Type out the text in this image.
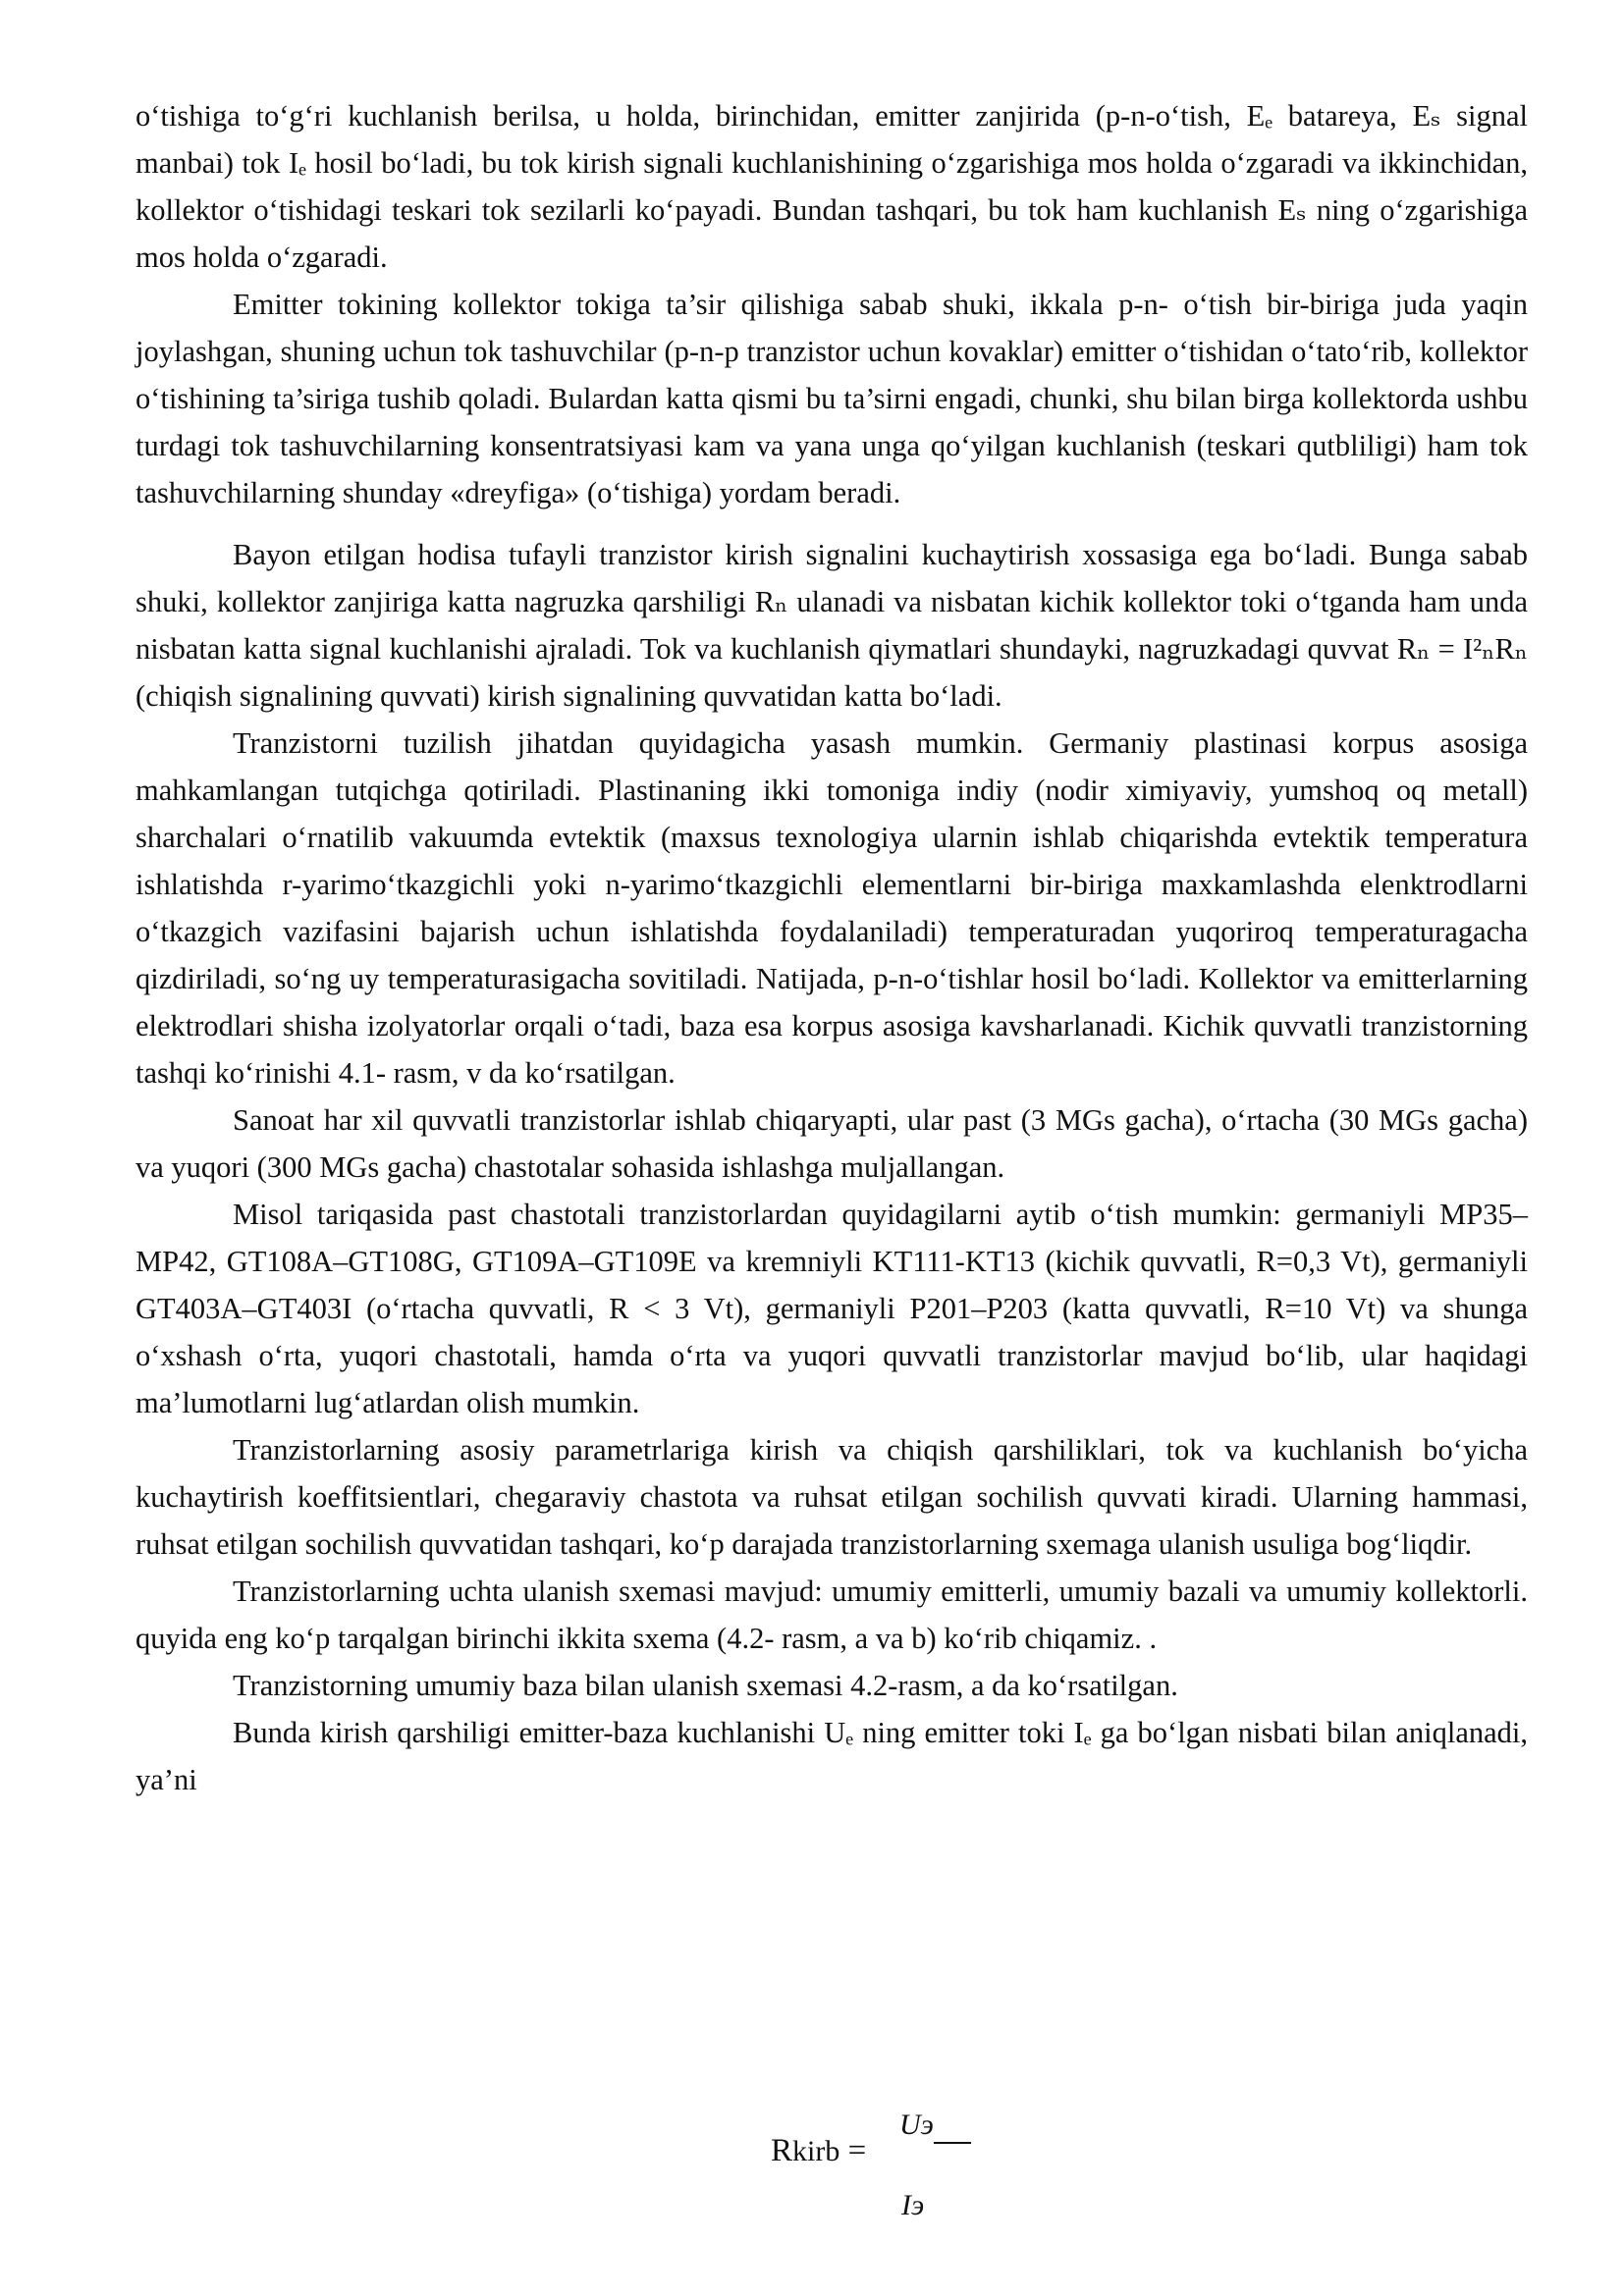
o‘tishiga to‘g‘ri kuchlanish berilsa, u holda, birinchidan, emitter zanjirida (p-n-o‘tish, Eₑ batareya, Eₛ signal manbai) tok Iₑ hosil bo‘ladi, bu tok kirish signali kuchlanishining o‘zgarishiga mos holda o‘zgaradi va ikkinchidan, kollektor o‘tishidagi teskari tok sezilarli ko‘payadi. Bundan tashqari, bu tok ham kuchlanish Eₛ ning o‘zgarishiga mos holda o‘zgaradi.

Emitter tokining kollektor tokiga ta’sir qilishiga sabab shuki, ikkala p-n- o‘tish bir-biriga juda yaqin joylashgan, shuning uchun tok tashuvchilar (p-n-p tranzistor uchun kovaklar) emitter o‘tishidan o‘tato‘rib, kollektor o‘tishining ta’siriga tushib qoladi. Bulardan katta qismi bu ta’sirni engadi, chunki, shu bilan birga kollektorda ushbu turdagi tok tashuvchilarning konsentratsiyasi kam va yana unga qo‘yilgan kuchlanish (teskari qutbliligi) ham tok tashuvchilarning shunday «dreyfiga» (o‘tishiga) yordam beradi.

Bayon etilgan hodisa tufayli tranzistor kirish signalini kuchaytirish xossasiga ega bo‘ladi. Bunga sabab shuki, kollektor zanjiriga katta nagruzka qarshiligi Rₙ ulanadi va nisbatan kichik kollektor toki o‘tganda ham unda nisbatan katta signal kuchlanishi ajraladi. Tok va kuchlanish qiymatlari shundayki, nagruzkadagi quvvat Rₙ = I²ₙRₙ (chiqish signalining quvvati) kirish signalining quvvatidan katta bo‘ladi.

Tranzistorni tuzilish jihatdan quyidagicha yasash mumkin. Germaniy plastinasi korpus asosiga mahkamlangan tutqichga qotiriladi. Plastinaning ikki tomoniga indiy (nodir ximiyaviy, yumshoq oq metall) sharchalari o‘rnatilib vakuumda evtektik (maxsus texnologiya ularnin ishlab chiqarishda evtektik temperatura ishlatishda r-yarimo‘tkazgichli yoki n-yarimo‘tkazgichli elementlarni bir-biriga maxkamlashda elenktrodlarni o‘tkazgich vazifasini bajarish uchun ishlatishda foydalaniladi) temperaturadan yuqoriroq temperaturagacha qizdiriladi, so‘ng uy temperaturasigacha sovitiladi. Natijada, p-n-o‘tishlar hosil bo‘ladi. Kollektor va emitterlarning elektrodlari shisha izolyatorlar orqali o‘tadi, baza esa korpus asosiga kavsharlanadi. Kichik quvvatli tranzistorning tashqi ko‘rinishi 4.1- rasm, v da ko‘rsatilgan.

Sanoat har xil quvvatli tranzistorlar ishlab chiqaryapti, ular past (3 MGs gacha), o‘rtacha (30 MGs gacha) va yuqori (300 MGs gacha) chastotalar sohasida ishlashga muljallangan.

Misol tariqasida past chastotali tranzistorlardan quyidagilarni aytib o‘tish mumkin: germaniyli MP35–MP42, GT108A–GT108G, GT109A–GT109E va kremniyli KT111-KT13 (kichik quvvatli, R=0,3 Vt), germaniyli GT403A–GT403I (o‘rtacha quvvatli, R < 3 Vt), germaniyli P201–P203 (katta quvvatli, R=10 Vt) va shunga o‘xshash o‘rta, yuqori chastotali, hamda o‘rta va yuqori quvvatli tranzistorlar mavjud bo‘lib, ular haqidagi ma’lumotlarni lug‘atlardan olish mumkin.

Tranzistorlarning asosiy parametrlariga kirish va chiqish qarshiliklari, tok va kuchlanish bo‘yicha kuchaytirish koeffitsientlari, chegaraviy chastota va ruhsat etilgan sochilish quvvati kiradi. Ularning hammasi, ruhsat etilgan sochilish quvvatidan tashqari, ko‘p darajada tranzistorlarning sxemaga ulanish usuliga bog‘liqdir.

Tranzistorlarning uchta ulanish sxemasi mavjud: umumiy emitterli, umumiy bazali va umumiy kollektorli. quyida eng ko‘p tarqalgan birinchi ikkita sxema (4.2- rasm, a va b) ko‘rib chiqamiz. .

Tranzistorning umumiy baza bilan ulanish sxemasi 4.2-rasm, a da ko‘rsatilgan.

Bunda kirish qarshiligi emitter-baza kuchlanishi Uₑ ning emitter toki Iₑ ga bo‘lgan nisbati bilan aniqlanadi, ya’ni

Rkirb =
Uэ
Iэ
